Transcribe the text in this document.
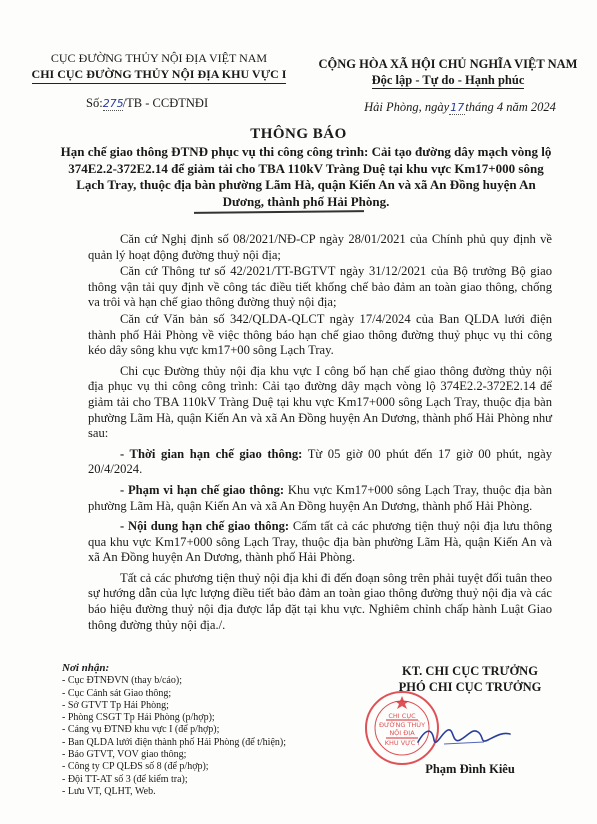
CỤC ĐƯỜNG THỦY NỘI ĐỊA VIỆT NAM
CHI CỤC ĐƯỜNG THỦY NỘI ĐỊA KHU VỰC I
Số:275/TB - CCĐTNĐI
CỘNG HÒA XÃ HỘI CHỦ NGHĨA VIỆT NAM
Độc lập - Tự do - Hạnh phúc
Hải Phòng, ngày17tháng 4 năm 2024
THÔNG BÁO
Hạn chế giao thông ĐTNĐ phục vụ thi công công trình: Cải tạo đường dây mạch vòng lộ 374E2.2-372E2.14 để giảm tải cho TBA 110kV Tràng Duệ tại khu vực Km17+000 sông Lạch Tray, thuộc địa bàn phường Lãm Hà, quận Kiến An và xã An Đồng huyện An Dương, thành phố Hải Phòng.

Căn cứ Nghị định số 08/2021/NĐ-CP ngày 28/01/2021 của Chính phủ quy định về quản lý hoạt động đường thuỷ nội địa;

Căn cứ Thông tư số 42/2021/TT-BGTVT ngày 31/12/2021 của Bộ trưởng Bộ giao thông vận tải quy định về công tác điều tiết khống chế bảo đảm an toàn giao thông, chống va trôi và hạn chế giao thông đường thuỷ nội địa;

Căn cứ Văn bản số 342/QLDA-QLCT ngày 17/4/2024 của Ban QLDA lưới điện thành phố Hải Phòng về việc thông báo hạn chế giao thông đường thuỷ phục vụ thi công kéo dây sông khu vực km17+00 sông Lạch Tray.

Chi cục Đường thủy nội địa khu vực I công bố hạn chế giao thông đường thủy nội địa phục vụ thi công công trình: Cải tạo đường dây mạch vòng lộ 374E2.2-372E2.14 để giảm tải cho TBA 110kV Tràng Duệ tại khu vực Km17+000 sông Lạch Tray, thuộc địa bàn phường Lãm Hà, quận Kiến An và xã An Đồng huyện An Dương, thành phố Hải Phòng như sau:

- Thời gian hạn chế giao thông: Từ 05 giờ 00 phút đến 17 giờ 00 phút, ngày 20/4/2024.

- Phạm vi hạn chế giao thông: Khu vực Km17+000 sông Lạch Tray, thuộc địa bàn phường Lãm Hà, quận Kiến An và xã An Đồng huyện An Dương, thành phố Hải Phòng.

- Nội dung hạn chế giao thông: Cấm tất cả các phương tiện thuỷ nội địa lưu thông qua khu vực Km17+000 sông Lạch Tray, thuộc địa bàn phường Lãm Hà, quận Kiến An và xã An Đồng huyện An Dương, thành phố Hải Phòng.

Tất cả các phương tiện thuỷ nội địa khi đi đến đoạn sông trên phải tuyệt đối tuân theo sự hướng dẫn của lực lượng điều tiết bảo đảm an toàn giao thông đường thuỷ nội địa và các báo hiệu đường thuỷ nội địa được lắp đặt tại khu vực. Nghiêm chỉnh chấp hành Luật Giao thông đường thủy nội địa./.

Nơi nhận:
- Cục ĐTNĐVN (thay b/cáo);
- Cục Cảnh sát Giao thông;
- Sở GTVT Tp Hải Phòng;
- Phòng CSGT Tp Hải Phòng (p/hợp);
- Cảng vụ ĐTNĐ khu vực I (để p/hợp);
- Ban QLDA lưới điện thành phố Hải Phòng (để t/hiện);
- Báo GTVT, VOV giao thông;
- Công ty CP QLĐS số 8 (để p/hợp);
- Đội TT-AT số 3 (để kiểm tra);
- Lưu VT, QLHT, Web.
KT. CHI CỤC TRƯỞNG
PHÓ CHI CỤC TRƯỞNG
CHI CỤC
ĐƯỜNG THỦY
NỘI ĐỊA
KHU VỰC I
Phạm Đình Kiêu
